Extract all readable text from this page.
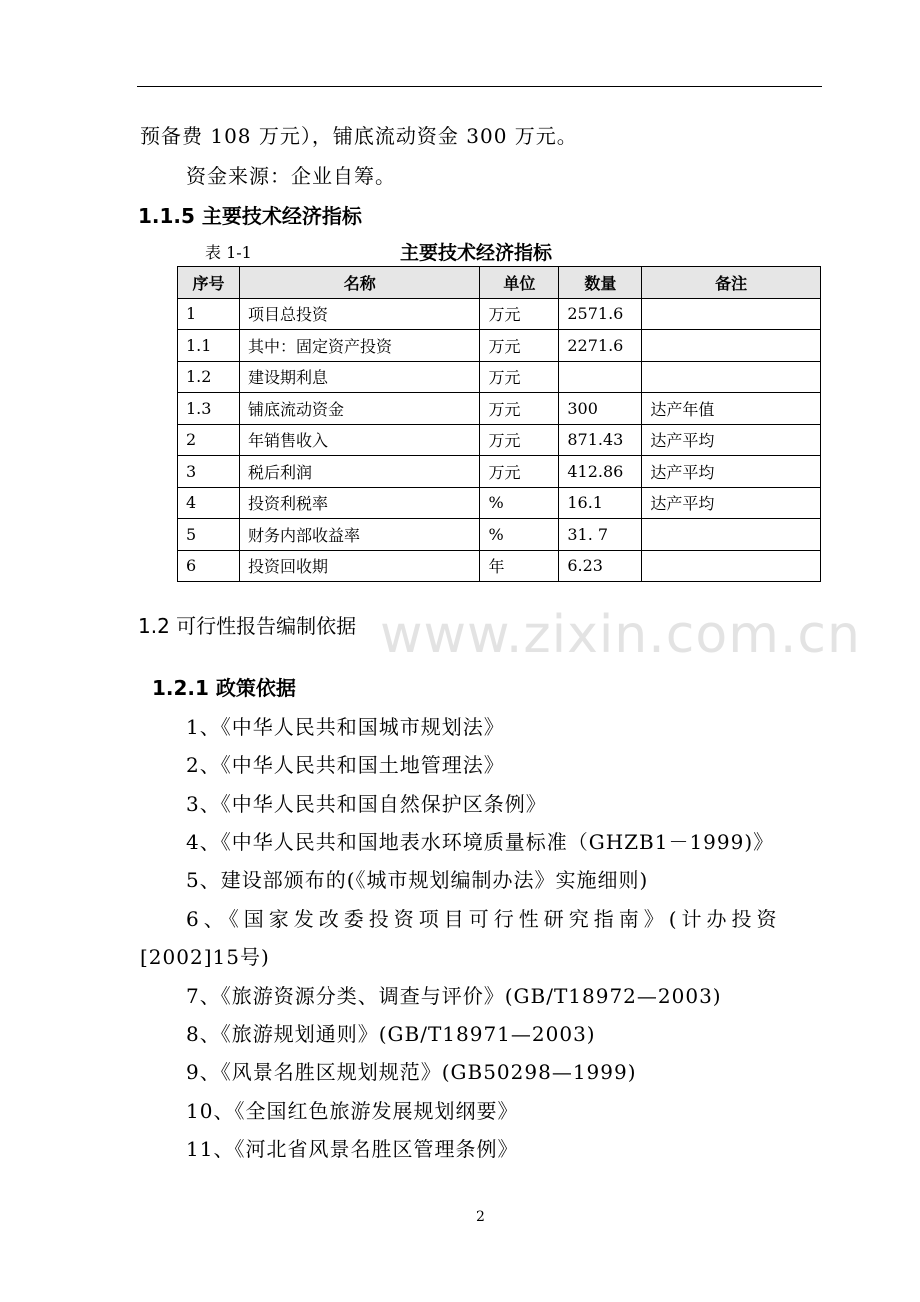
预备费 108 万元），铺底流动资金 300 万元。
资金来源：企业自筹。
1.1.5 主要技术经济指标
表 1-1	主要技术经济指标
序号	名称	单位	数量	备注
1	项目总投资	万元	2571.6	
1.1	其中：固定资产投资	万元	2271.6	
1.2	建设期利息	万元		
1.3	铺底流动资金	万元	300	达产年值
2	年销售收入	万元	871.43	达产平均
3	税后利润	万元	412.86	达产平均
4	投资利税率	%	16.1	达产平均
5	财务内部收益率	%	31. 7	
6	投资回收期	年	6.23	
www.zixin.com.cn
1.2 可行性报告编制依据
1.2.1 政策依据
1、《中华人民共和国城市规划法》
2、《中华人民共和国土地管理法》
3、《中华人民共和国自然保护区条例》
4、《中华人民共和国地表水环境质量标准（GHZB1－1999)》
5、建设部颁布的(《城市规划编制办法》实施细则)
6、《国家发改委投资项目可行性研究指南》(计办投资
[2002]15号)
7、《旅游资源分类、调查与评价》(GB/T18972—2003)
8、《旅游规划通则》(GB/T18971—2003)
9、《风景名胜区规划规范》(GB50298—1999)
10、《全国红色旅游发展规划纲要》
11、《河北省风景名胜区管理条例》
2
